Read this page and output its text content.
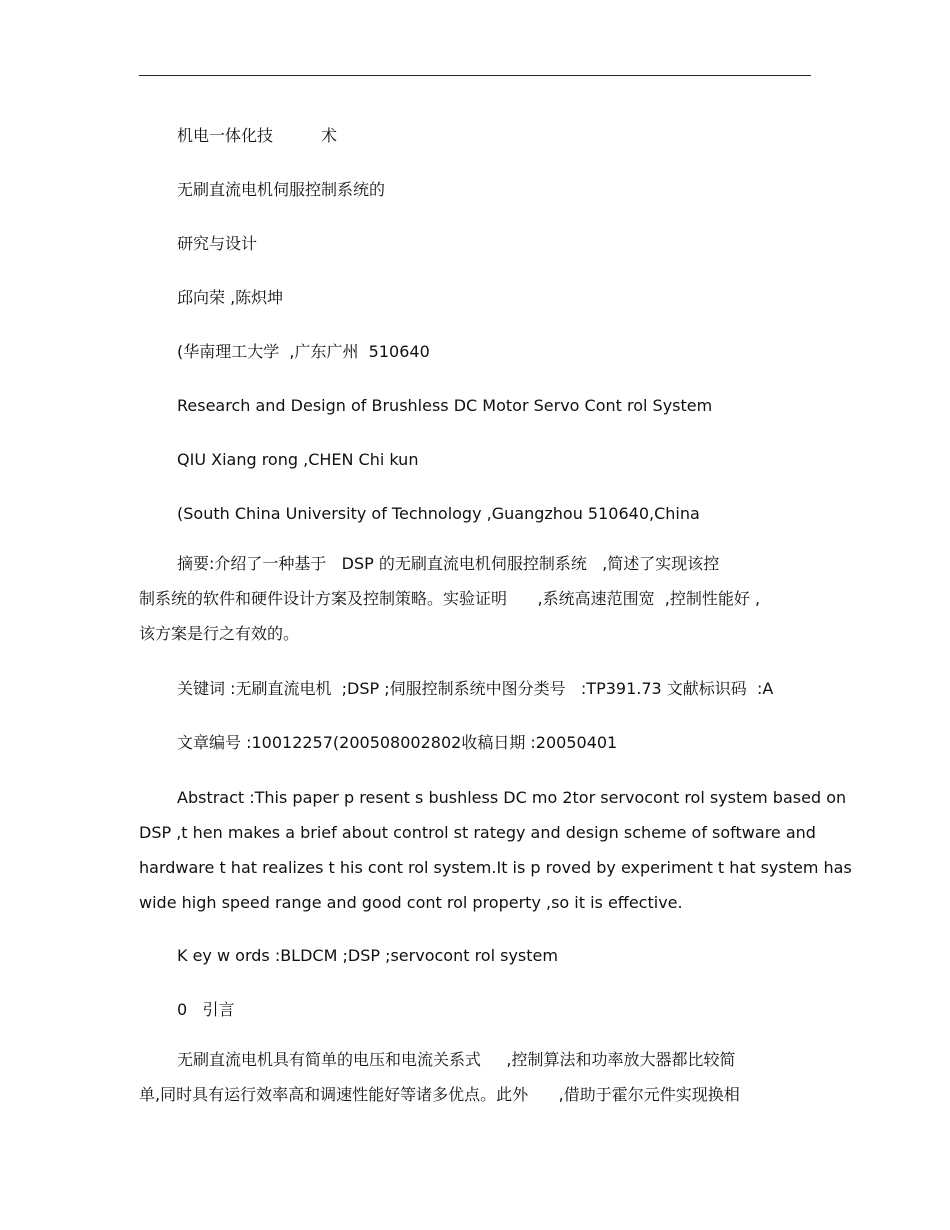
机电一体化技　　　术
无刷直流电机伺服控制系统的
研究与设计
邱向荣 ,陈炽坤
(华南理工大学  ,广东广州  510640
Research and Design of Brushless DC Motor Servo Cont rol System
QIU Xiang rong ,CHEN Chi kun
(South China University of Technology ,Guangzhou 510640,China
摘要:介绍了一种基于   DSP 的无刷直流电机伺服控制系统   ,简述了实现该控
制系统的软件和硬件设计方案及控制策略。实验证明      ,系统高速范围宽  ,控制性能好 ,
该方案是行之有效的。
关键词 :无刷直流电机  ;DSP ;伺服控制系统中图分类号   :TP391.73 文献标识码  :A
文章编号 :10012257(200508002802收稿日期 :20050401
Abstract :This paper p resent s bushless DC mo 2tor servocont rol system based on
DSP ,t hen makes a brief about control st rategy and design scheme of software and
hardware t hat realizes t his cont rol system.It is p roved by experiment t hat system has
wide high speed range and good cont rol property ,so it is effective.
K ey w ords :BLDCM ;DSP ;servocont rol system
0   引言
无刷直流电机具有简单的电压和电流关系式     ,控制算法和功率放大器都比较简
单,同时具有运行效率高和调速性能好等诸多优点。此外      ,借助于霍尔元件实现换相
